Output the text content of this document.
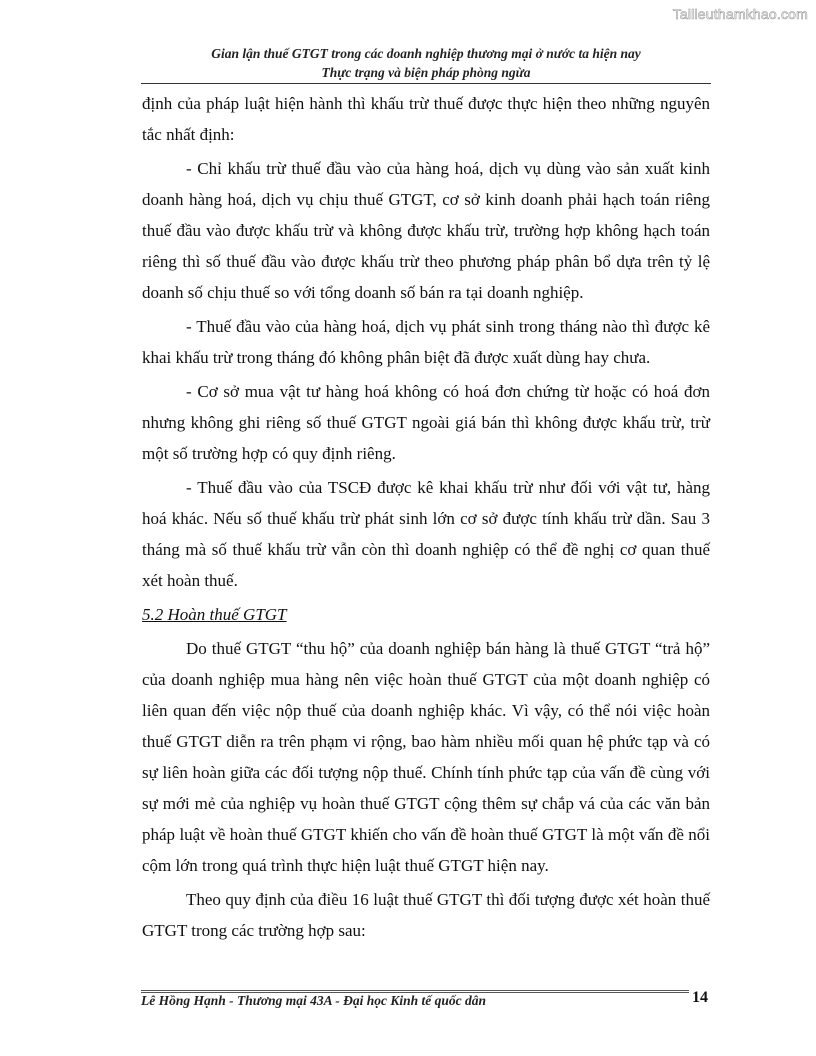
Tailieuthamkhao.com
Gian lận thuế GTGT trong các doanh nghiệp thương mại ở nước ta hiện nay
Thực trạng và biện pháp phòng ngừa

định của pháp luật hiện hành thì khấu trừ thuế được thực hiện theo những nguyên tắc nhất định:

- Chỉ khấu trừ thuế đầu vào của hàng hoá, dịch vụ dùng vào sản xuất kinh doanh hàng hoá, dịch vụ chịu thuế GTGT, cơ sở kinh doanh phải hạch toán riêng thuế đầu vào được khấu trừ và không được khấu trừ, trường hợp không hạch toán riêng thì số thuế đầu vào được khấu trừ theo phương pháp phân bổ dựa trên tỷ lệ doanh số chịu thuế so với tổng doanh số bán ra tại doanh nghiệp.

- Thuế đầu vào của hàng hoá, dịch vụ phát sinh trong tháng nào thì được kê khai khấu trừ trong tháng đó không phân biệt đã được xuất dùng hay chưa.

- Cơ sở mua vật tư hàng hoá không có hoá đơn chứng từ hoặc có hoá đơn nhưng không ghi riêng số thuế GTGT ngoài giá bán thì không được khấu trừ, trừ một số trường hợp có quy định riêng.

- Thuế đầu vào của TSCĐ được kê khai khấu trừ như đối với vật tư, hàng hoá khác. Nếu số thuế khấu trừ phát sinh lớn cơ sở được tính khấu trừ dần. Sau 3 tháng mà số thuế khấu trừ vẫn còn thì doanh nghiệp có thể đề nghị cơ quan thuế xét hoàn thuế.

5.2 Hoàn thuế GTGT

Do thuế GTGT “thu hộ” của doanh nghiệp bán hàng là thuế GTGT “trả hộ” của doanh nghiệp mua hàng nên việc hoàn thuế GTGT của một doanh nghiệp có liên quan đến việc nộp thuế của doanh nghiệp khác. Vì vậy, có thể nói việc hoàn thuế GTGT diễn ra trên phạm vi rộng, bao hàm nhiều mối quan hệ phức tạp và có sự liên hoàn giữa các đối tượng nộp thuế. Chính tính phức tạp của vấn đề cùng với sự mới mẻ của nghiệp vụ hoàn thuế GTGT cộng thêm sự chắp vá của các văn bản pháp luật về hoàn thuế GTGT khiến cho vấn đề hoàn thuế GTGT là một vấn đề nổi cộm lớn trong quá trình thực hiện luật thuế GTGT hiện nay.

Theo quy định của điều 16 luật thuế GTGT thì đối tượng được xét hoàn thuế GTGT trong các trường hợp sau:

Lê Hồng Hạnh - Thương mại 43A - Đại học Kinh tế quốc dân	14
